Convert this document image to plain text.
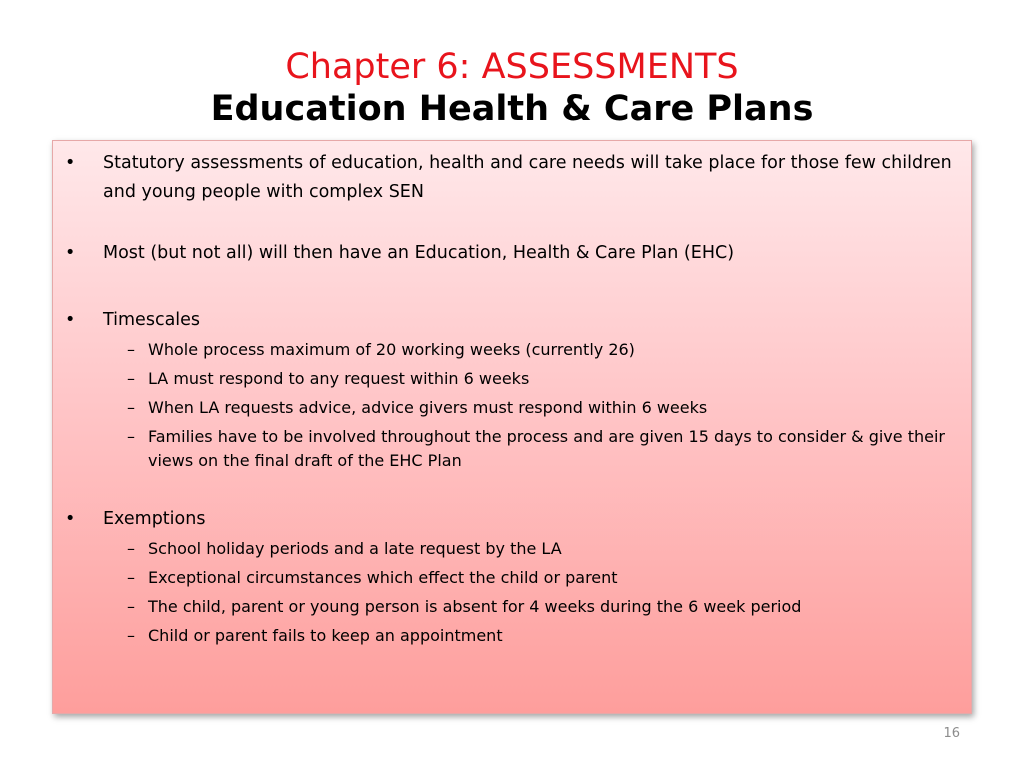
Chapter 6: ASSESSMENTS
Education Health & Care Plans
• Statutory assessments of education, health and care needs will take place for those few children and young people with complex SEN
• Most (but not all) will then have an Education, Health & Care Plan (EHC)
• Timescales
– Whole process maximum of 20 working weeks (currently 26)
– LA must respond to any request within 6 weeks
– When LA requests advice, advice givers must respond within 6 weeks
– Families have to be involved throughout the process and are given 15 days to consider & give their views on the final draft of the EHC Plan
• Exemptions
– School holiday periods and a late request by the LA
– Exceptional circumstances which effect the child or parent
– The child, parent or young person is absent for 4 weeks during the 6 week period
– Child or parent fails to keep an appointment
16
